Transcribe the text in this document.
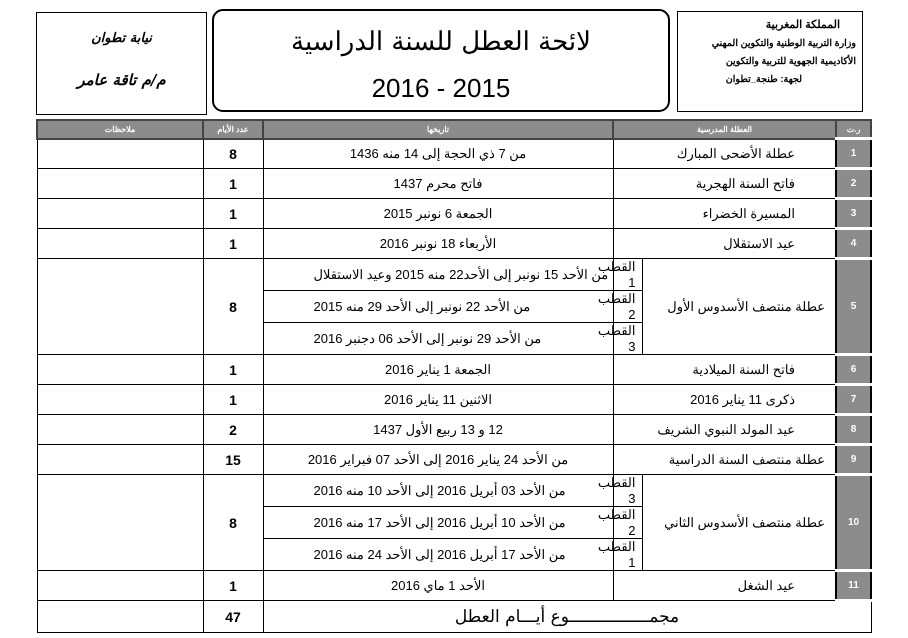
نيابة تطوان
م/م تاقة عامر
لائحة العطل للسنة الدراسية
2016 - 2015
المملكة المغربية
وزارة التربية الوطنية والتكوين المهني
الأكاديمية الجهوية للتربية والتكوين
لجهة: طنجة_تطوان
ملاحظات	عدد الأيام	تاريخها	العطلة المدرسية		ر.ت
	8	من 7 ذي الحجة إلى 14 منه 1436	عطلة الأضحى المبارك		1
	1	فاتح محرم 1437	فاتح السنة الهجرية		2
	1	الجمعة 6 نونبر 2015	المسيرة الخضراء		3
	1	الأربعاء 18 نونبر 2016	عيد الاستقلال		4
	8	من الأحد 15 نونبر إلى الأحد22 منه 2015 وعيد الاستقلال	القطب 1	عطلة منتصف الأسدوس الأول	5
		من الأحد 22 نونبر إلى الأحد 29 منه 2015	القطب 2		
		من الأحد 29 نونبر إلى الأحد 06 دجنبر 2016	القطب 3		
	1	الجمعة 1 يناير 2016	فاتح السنة الميلادية		6
	1	الاثنين 11 يناير 2016	ذكرى 11 يناير 2016		7
	2	12 و 13 ربيع الأول 1437	عيد المولد النبوي الشريف		8
	15	من الأحد 24 يناير 2016 إلى الأحد 07 فبراير 2016	عطلة منتصف السنة الدراسية		9
	8	من الأحد 03 أبريل 2016 إلى الأحد 10 منه 2016	القطب 3	عطلة منتصف الأسدوس الثاني	10
		من الأحد 10 أبريل 2016 إلى الأحد 17 منه 2016	القطب 2		
		من الأحد 17 أبريل 2016 إلى الأحد 24 منه 2016	القطب 1		
	1	الأحد 1 ماي 2016	عيد الشغل		11
	47	مجمــــــــــــــــوع أيـــام العطل			
